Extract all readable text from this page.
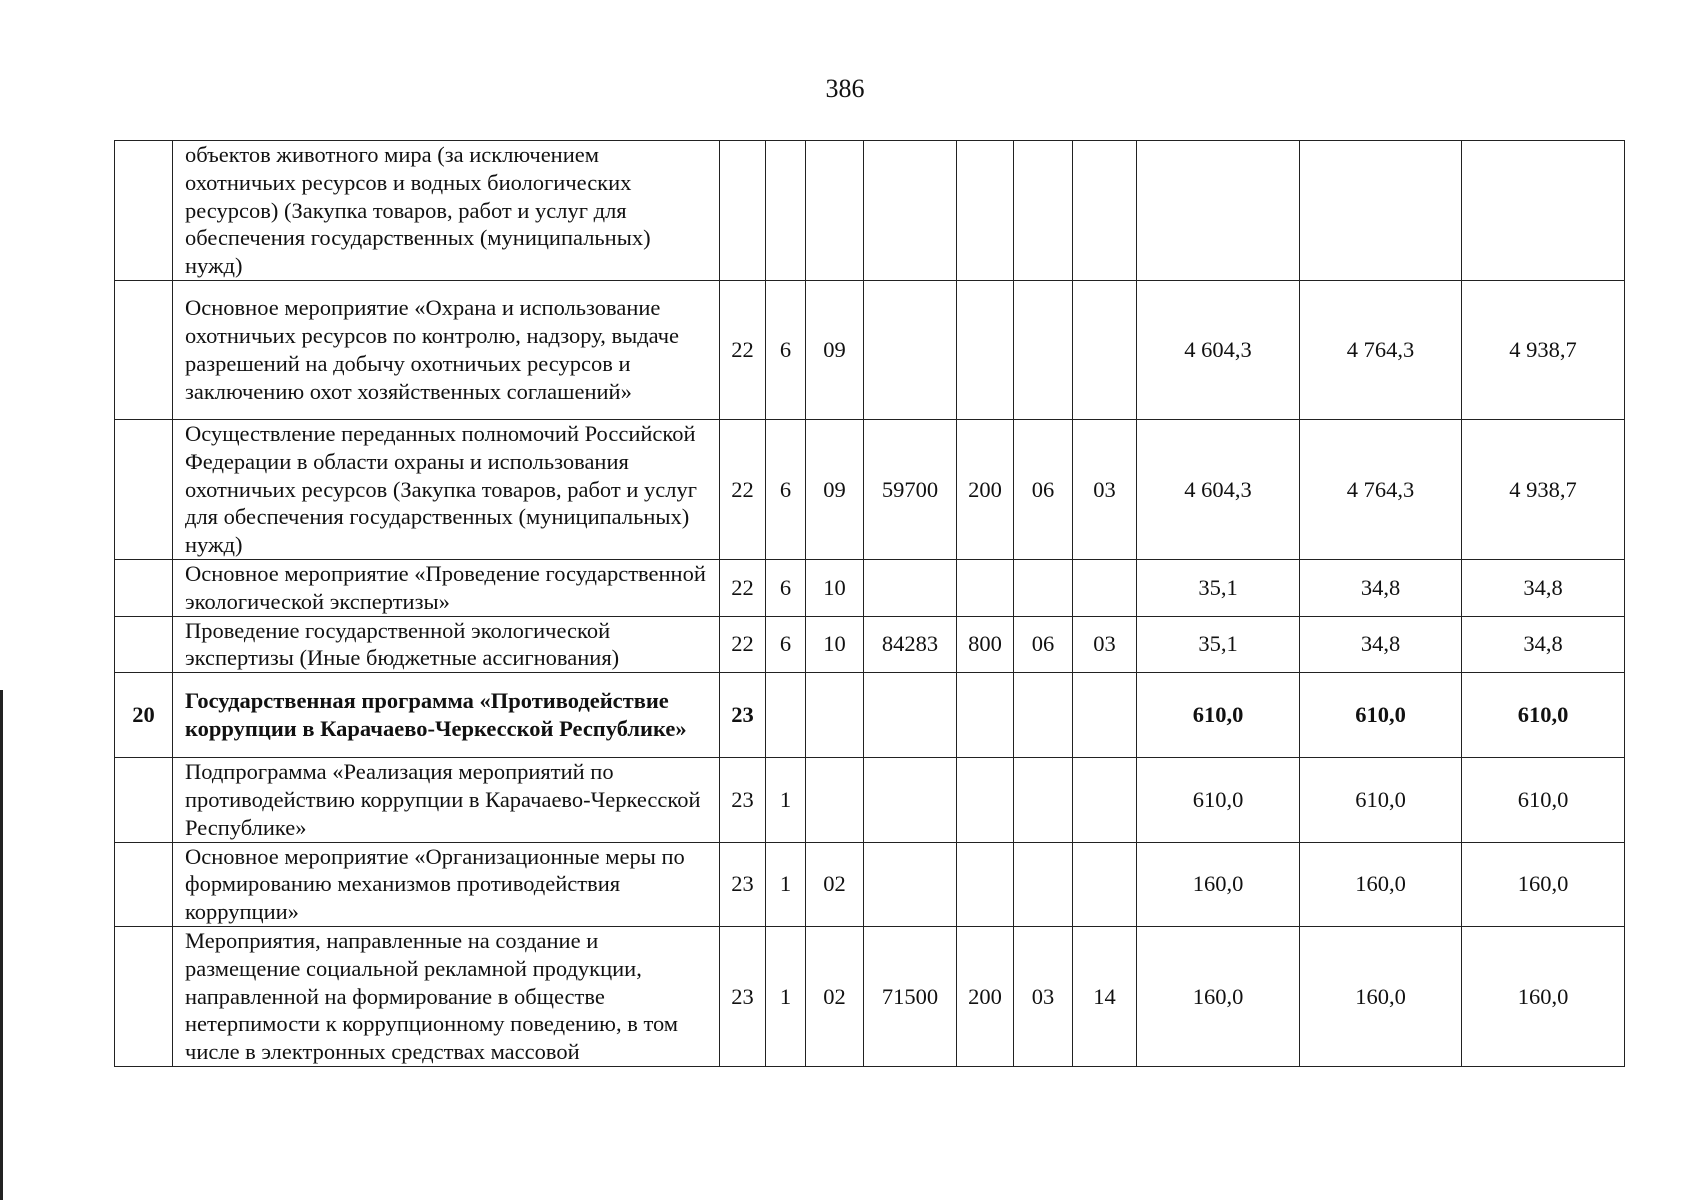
386
	объектов животного мира (за исключением охотничьих ресурсов и водных биологических ресурсов) (Закупка товаров, работ и услуг для обеспечения государственных (муниципальных) нужд)										
	Основное мероприятие «Охрана и использование охотничьих ресурсов по контролю, надзору, выдаче разрешений на добычу охотничьих ресурсов и заключению охот хозяйственных соглашений»	22	6	09					4 604,3	4 764,3	4 938,7
	Осуществление переданных полномочий Российской Федерации в области охраны и использования охотничьих ресурсов (Закупка товаров, работ и услуг для обеспечения государственных (муниципальных) нужд)	22	6	09	59700	200	06	03	4 604,3	4 764,3	4 938,7
	Основное мероприятие «Проведение государственной экологической экспертизы»	22	6	10					35,1	34,8	34,8
	Проведение государственной экологической экспертизы (Иные бюджетные ассигнования)	22	6	10	84283	800	06	03	35,1	34,8	34,8
20	Государственная программа «Противодействие коррупции в Карачаево-Черкесской Республике»	23							610,0	610,0	610,0
	Подпрограмма «Реализация мероприятий по противодействию коррупции в Карачаево-Черкесской Республике»	23	1						610,0	610,0	610,0
	Основное мероприятие «Организационные меры по формированию механизмов противодействия коррупции»	23	1	02					160,0	160,0	160,0
	Мероприятия, направленные на создание и размещение социальной рекламной продукции, направленной на формирование в обществе нетерпимости к коррупционному поведению, в том числе в электронных средствах массовой	23	1	02	71500	200	03	14	160,0	160,0	160,0
